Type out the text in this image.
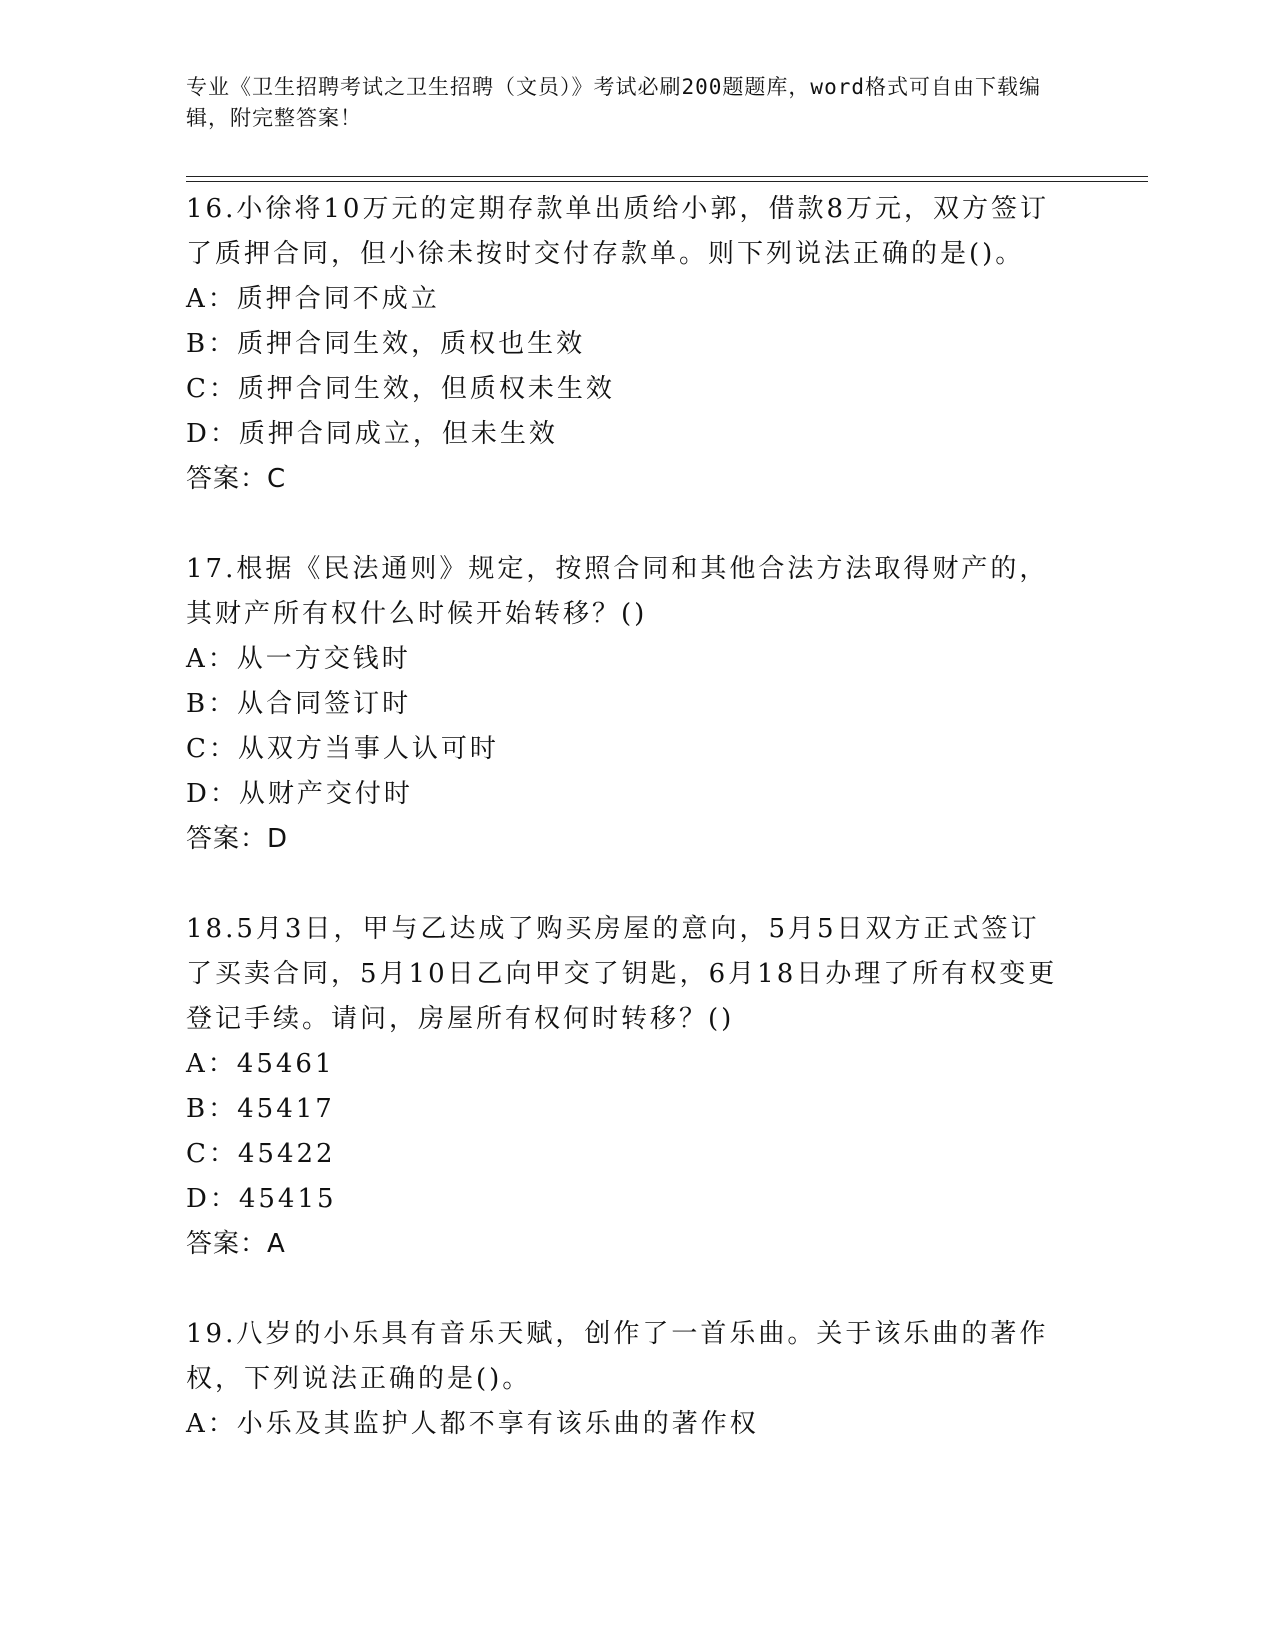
专业《卫生招聘考试之卫生招聘（文员）》考试必刷200题题库，word格式可自由下载编辑，附完整答案！
16.小徐将10万元的定期存款单出质给小郭，借款8万元，双方签订了质押合同，但小徐未按时交付存款单。则下列说法正确的是()。
A：质押合同不成立
B：质押合同生效，质权也生效
C：质押合同生效，但质权未生效
D：质押合同成立，但未生效
答案：C
17.根据《民法通则》规定，按照合同和其他合法方法取得财产的，其财产所有权什么时候开始转移？()
A：从一方交钱时
B：从合同签订时
C：从双方当事人认可时
D：从财产交付时
答案：D
18.5月3日，甲与乙达成了购买房屋的意向，5月5日双方正式签订了买卖合同，5月10日乙向甲交了钥匙，6月18日办理了所有权变更登记手续。请问，房屋所有权何时转移？()
A：45461
B：45417
C：45422
D：45415
答案：A
19.八岁的小乐具有音乐天赋，创作了一首乐曲。关于该乐曲的著作权，下列说法正确的是()。
A：小乐及其监护人都不享有该乐曲的著作权
